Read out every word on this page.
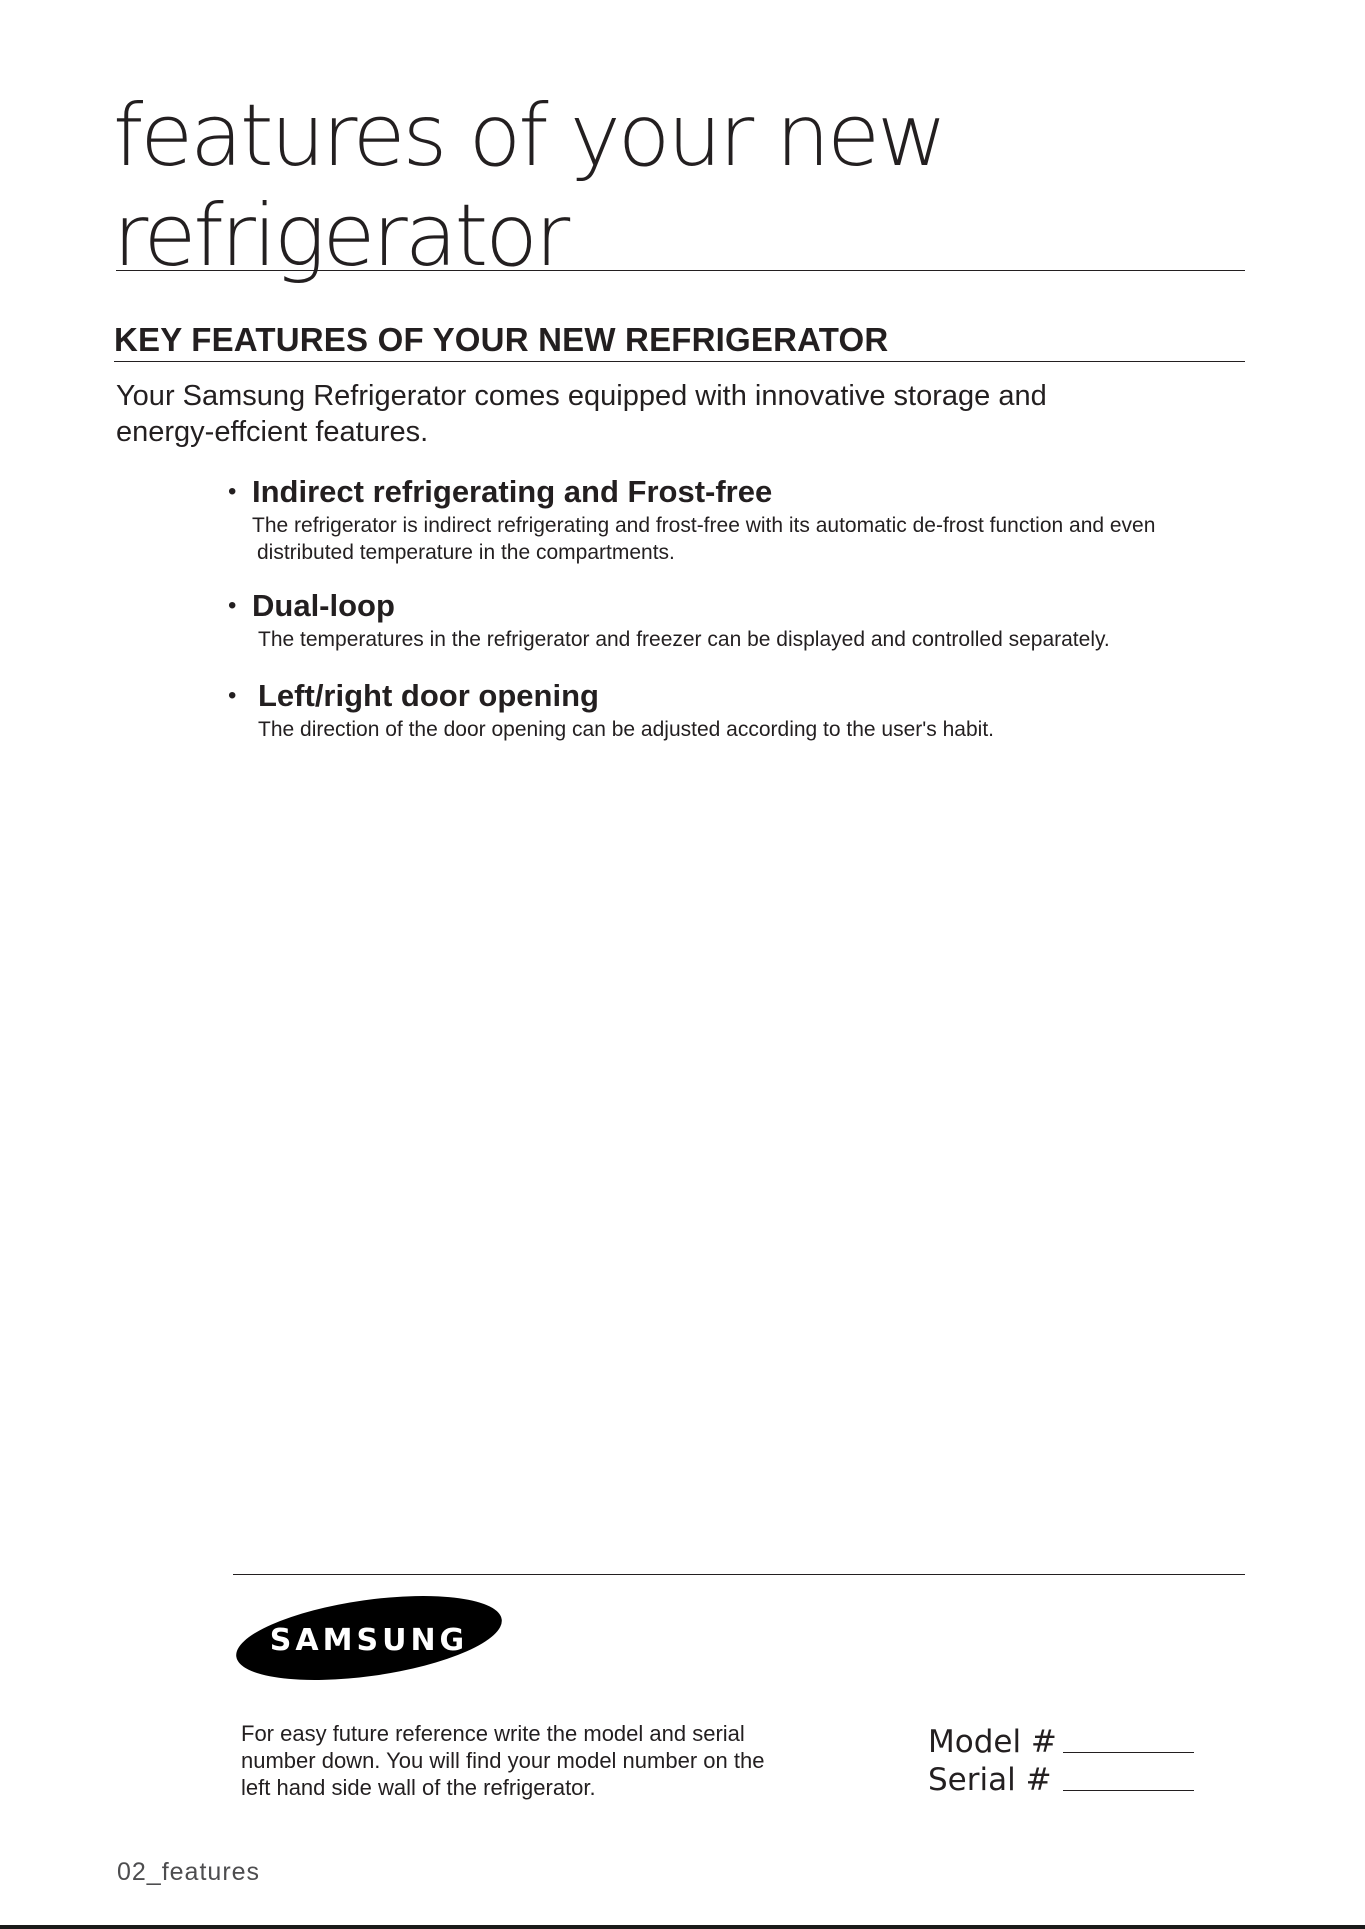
features of your new
refrigerator
KEY FEATURES OF YOUR NEW REFRIGERATOR

Your Samsung Refrigerator comes equipped with innovative storage and
energy-effcient features.

• Indirect refrigerating and Frost-free

The refrigerator is indirect refrigerating and frost-free with its automatic de-frost function and even
distributed temperature in the compartments.

• Dual-loop

The temperatures in the refrigerator and freezer can be displayed and controlled separately.

• Left/right door opening

The direction of the door opening can be adjusted according to the user's habit.

SAMSUNG

For easy future reference write the model and serial
number down. You will find your model number on the
left hand side wall of the refrigerator.

Model #
Serial #

02_features
